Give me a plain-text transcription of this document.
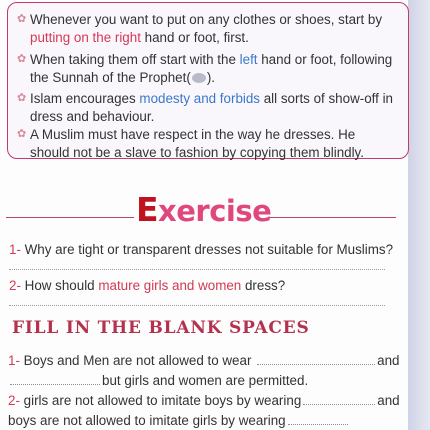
✿ Whenever you want to put on any clothes or shoes, start by putting on the right hand or foot, first.
✿ When taking them off start with the left hand or foot, following the Sunnah of the Prophet( ).
✿ Islam encourages modesty and forbids all sorts of show-off in dress and behaviour.
✿ A Muslim must have respect in the way he dresses. He should not be a slave to fashion by copying them blindly.
Exercise
1- Why are tight or transparent dresses not suitable for Muslims?
2- How should mature girls and women dress?
FILL IN THE BLANK SPACES
1- Boys and Men are not allowed to wear	and
but girls and women are permitted.
2- girls are not allowed to imitate boys by wearing	and
boys are not allowed to imitate girls by wearing
